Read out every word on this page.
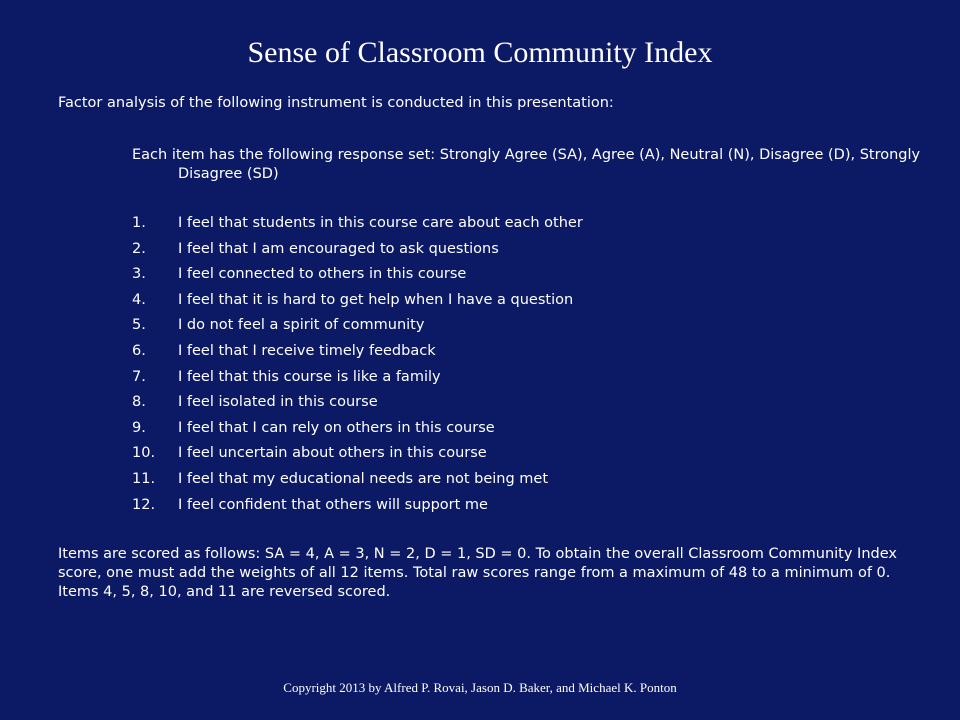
Sense of Classroom Community Index

Factor analysis of the following instrument is conducted in this presentation:

Each item has the following response set: Strongly Agree (SA), Agree (A), Neutral (N), Disagree (D), Strongly Disagree (SD)

1.	I feel that students in this course care about each other
2.	I feel that I am encouraged to ask questions
3.	I feel connected to others in this course
4.	I feel that it is hard to get help when I have a question
5.	I do not feel a spirit of community
6.	I feel that I receive timely feedback
7.	I feel that this course is like a family
8.	I feel isolated in this course
9.	I feel that I can rely on others in this course
10.	I feel uncertain about others in this course
11.	I feel that my educational needs are not being met
12.	I feel confident that others will support me

Items are scored as follows: SA = 4, A = 3, N = 2, D = 1, SD = 0. To obtain the overall Classroom Community Index score, one must add the weights of all 12 items. Total raw scores range from a maximum of 48 to a minimum of 0. Items 4, 5, 8, 10, and 11 are reversed scored.

Copyright 2013 by Alfred P. Rovai, Jason D. Baker, and Michael K. Ponton
